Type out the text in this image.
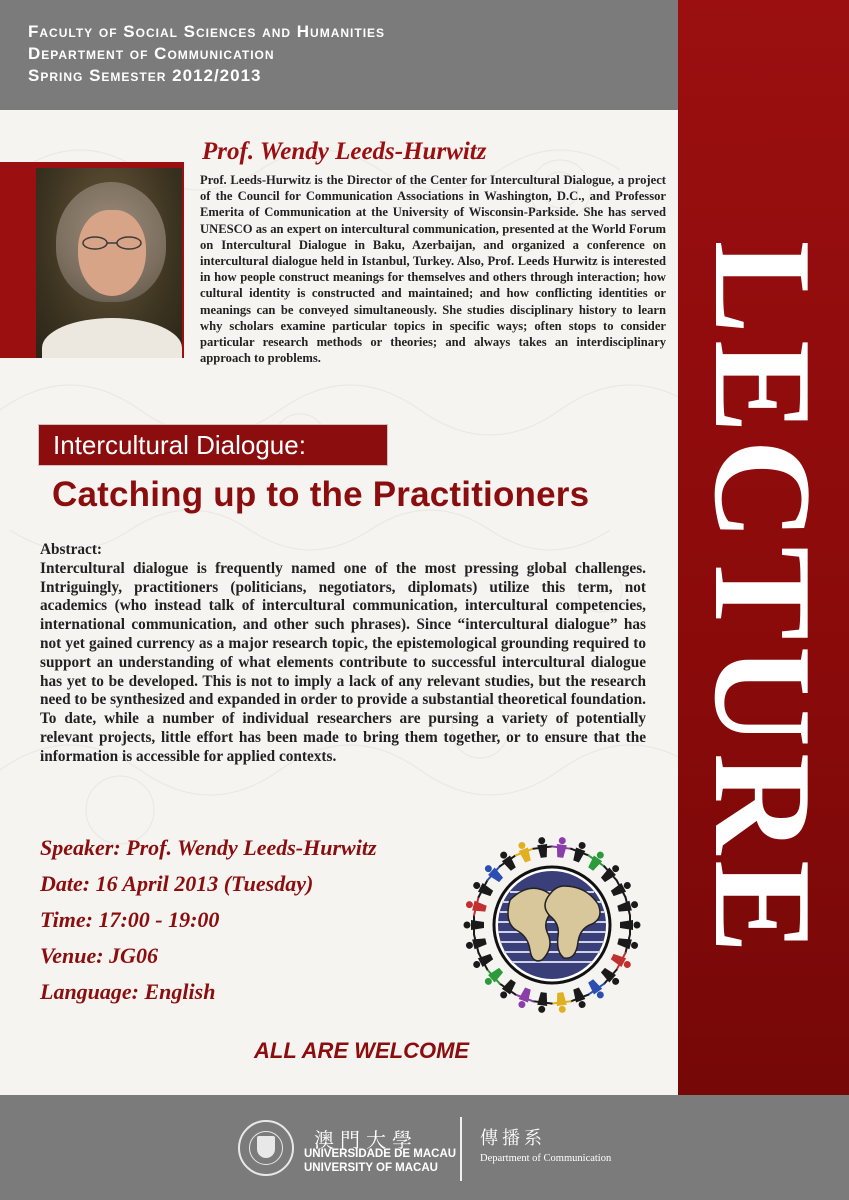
Faculty of Social Sciences and Humanities
Department of Communication
Spring Semester 2012/2013
LECTURE
Prof. Wendy Leeds-Hurwitz
Prof. Leeds-Hurwitz is the Director of the Center for Intercultural Dialogue, a project of the Council for Communication Associations in Washington, D.C., and Professor Emerita of Communication at the University of Wisconsin-Parkside. She has served UNESCO as an expert on intercultural communication, presented at the World Forum on Intercultural Dialogue in Baku, Azerbaijan, and organized a conference on intercultural dialogue held in Istanbul, Turkey. Also, Prof. Leeds Hurwitz is interested in how people construct meanings for themselves and others through interaction; how cultural identity is constructed and maintained; and how conflicting identities or meanings can be conveyed simultaneously. She studies disciplinary history to learn why scholars examine particular topics in specific ways; often stops to consider particular research methods or theories; and always takes an interdisciplinary approach to problems.
Intercultural Dialogue:
Catching up to the Practitioners
Abstract:
Intercultural dialogue is frequently named one of the most pressing global challenges. Intriguingly, practitioners (politicians, negotiators, diplomats) utilize this term, not academics (who instead talk of intercultural communication, intercultural competencies, international communication, and other such phrases). Since “intercultural dialogue” has not yet gained currency as a major research topic, the epistemological grounding required to support an understanding of what elements contribute to successful intercultural dialogue has yet to be developed. This is not to imply a lack of any relevant studies, but the research need to be synthesized and expanded in order to provide a substantial theoretical foundation. To date, while a number of individual researchers are pursing a variety of potentially relevant projects, little effort has been made to bring them together, or to ensure that the information is accessible for applied contexts.
Speaker: Prof. Wendy Leeds-Hurwitz
Date: 16 April 2013 (Tuesday)
Time: 17:00 - 19:00
Venue: JG06
Language: English
ALL ARE WELCOME
澳門大學
UNIVERSIDADE DE MACAU
UNIVERSITY OF MACAU
傳播系
Department of Communication
